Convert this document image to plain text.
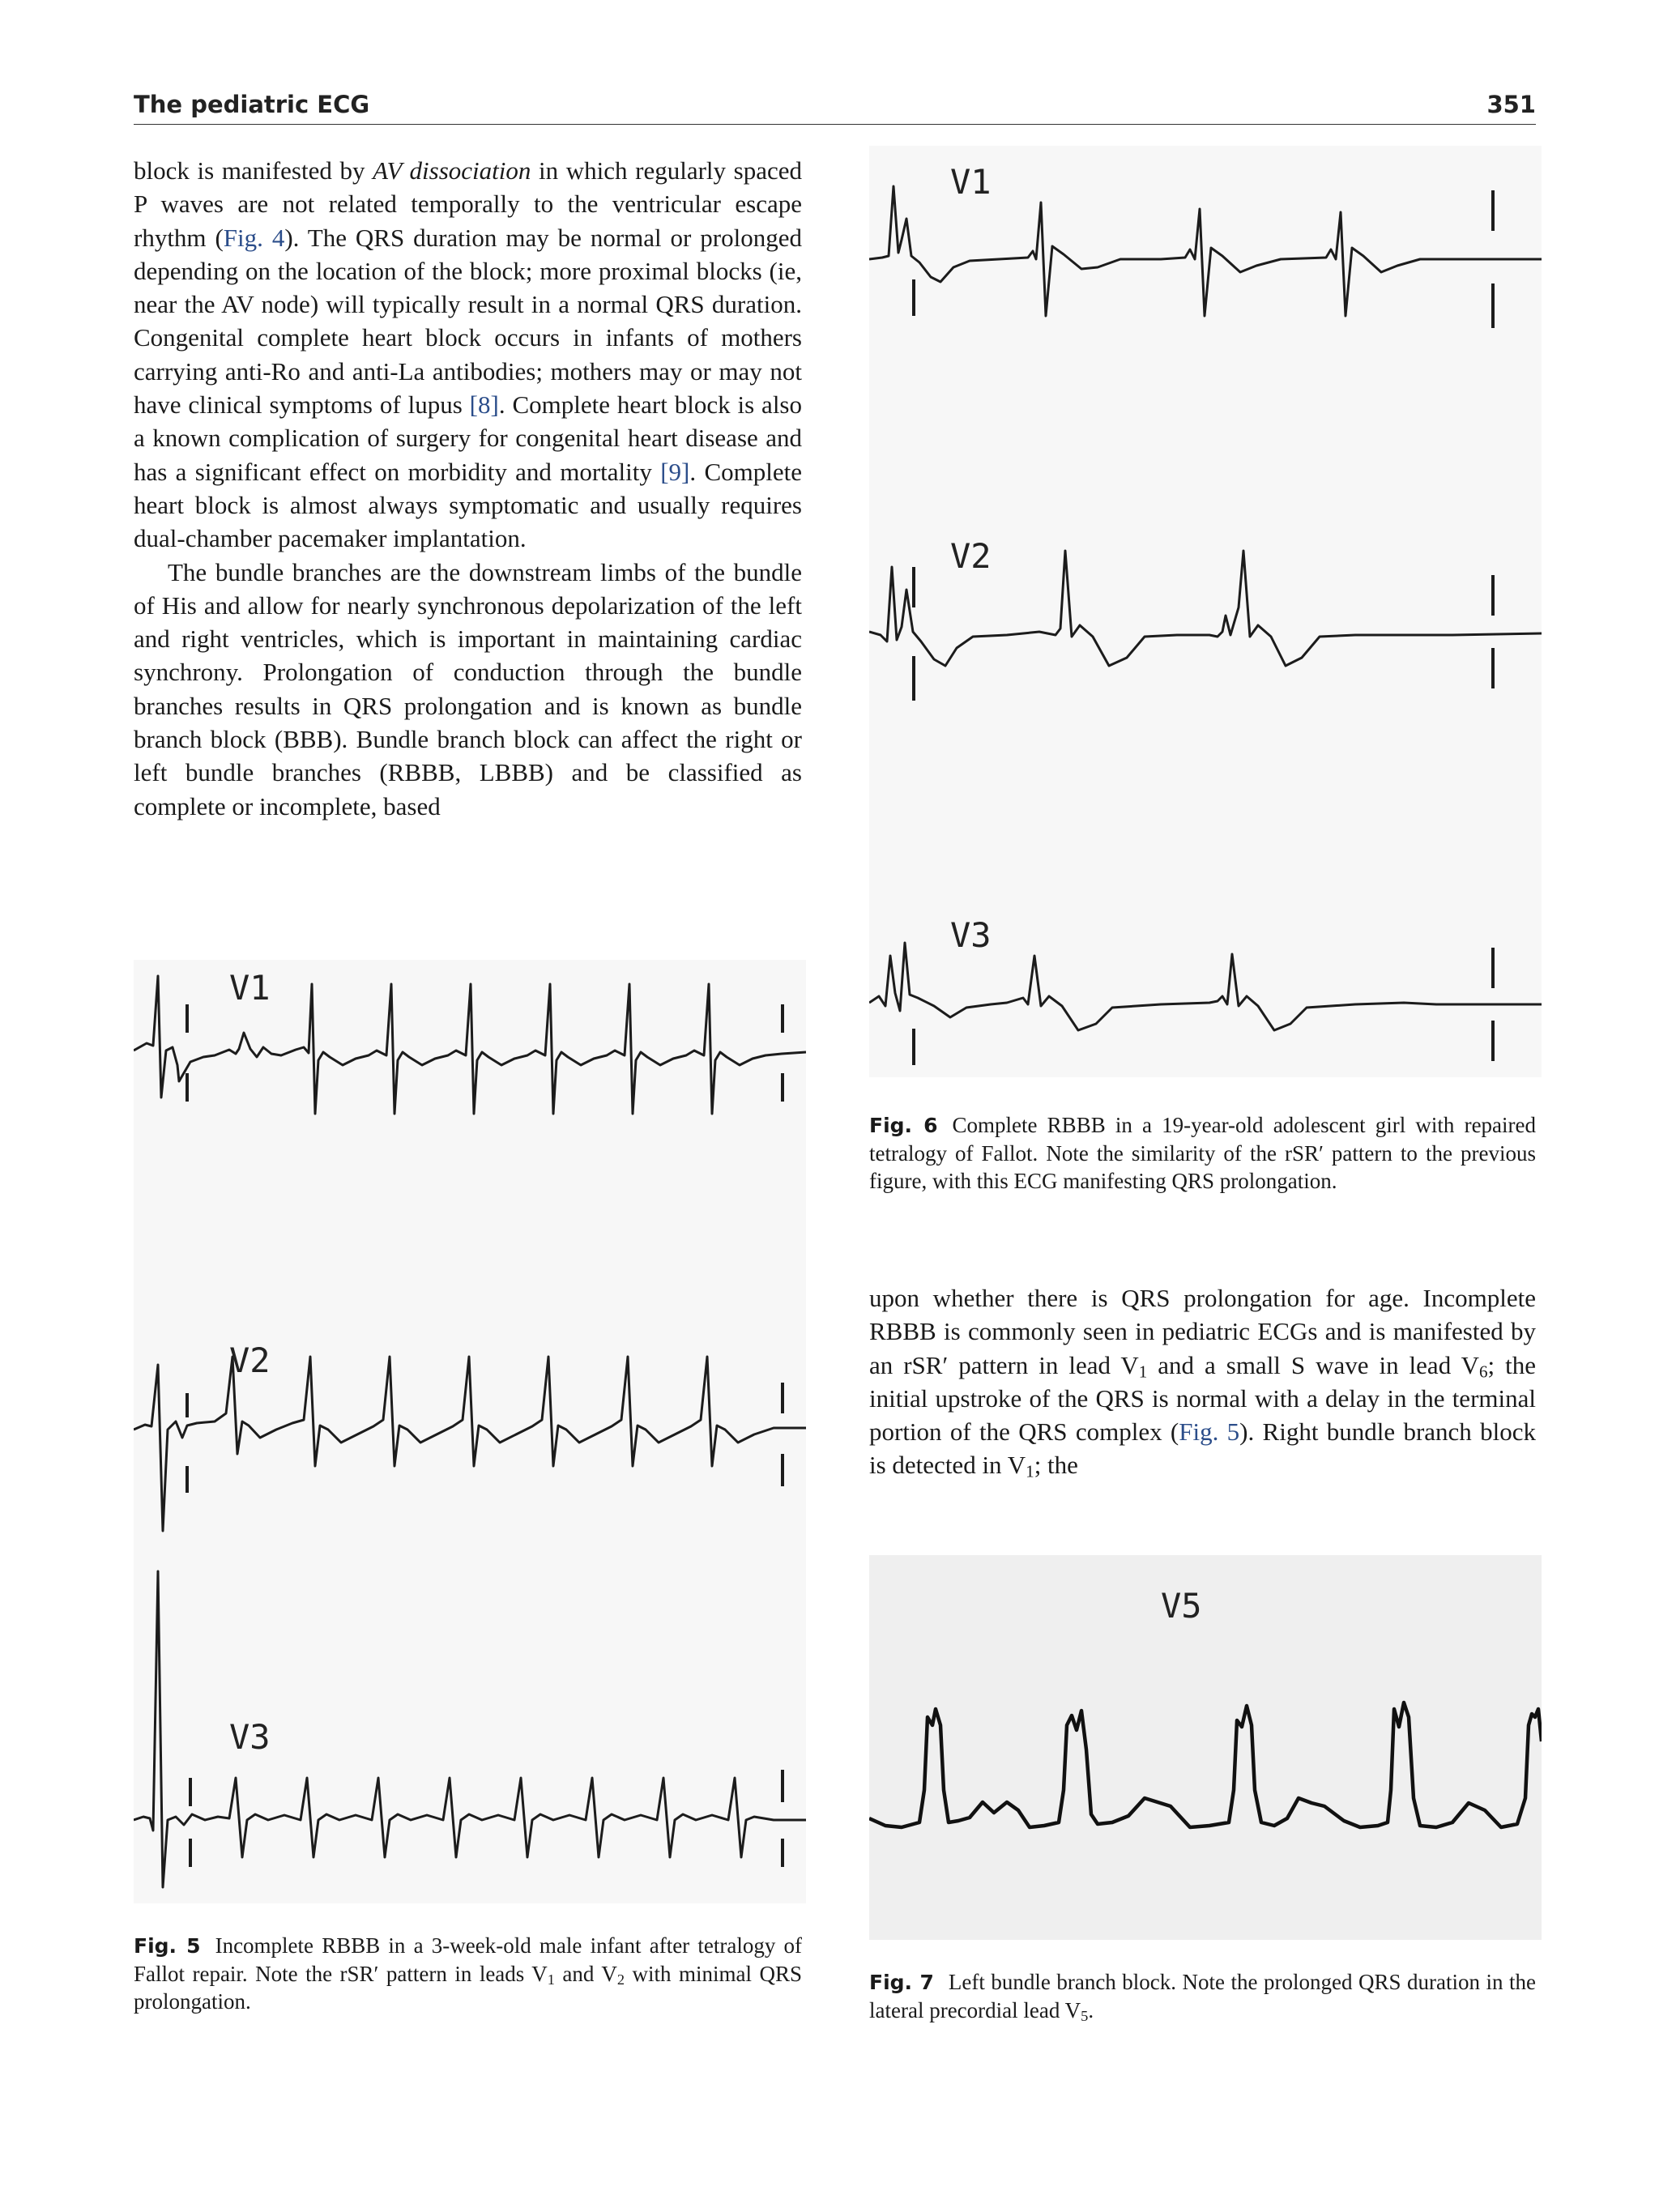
The pediatric ECG	351

block is manifested by AV dissociation in which regularly spaced P waves are not related temporally to the ventricular escape rhythm (Fig. 4). The QRS duration may be normal or prolonged depending on the location of the block; more proximal blocks (ie, near the AV node) will typically result in a normal QRS duration. Congenital complete heart block occurs in infants of mothers carrying anti-Ro and anti-La antibodies; mothers may or may not have clinical symptoms of lupus [8]. Complete heart block is also a known complication of surgery for congenital heart disease and has a significant effect on morbidity and mortality [9]. Complete heart block is almost always symptomatic and usually requires dual-chamber pacemaker implantation.

The bundle branches are the downstream limbs of the bundle of His and allow for nearly synchronous depolarization of the left and right ventricles, which is important in maintaining cardiac synchrony. Prolongation of conduction through the bundle branches results in QRS prolongation and is known as bundle branch block (BBB). Bundle branch block can affect the right or left bundle branches (RBBB, LBBB) and be classified as complete or incomplete, based

upon whether there is QRS prolongation for age. Incomplete RBBB is commonly seen in pediatric ECGs and is manifested by an rSR′ pattern in lead $V_1$ and a small S wave in lead $V_6$; the initial upstroke of the QRS is normal with a delay in the terminal portion of the QRS complex (Fig. 5). Right bundle branch block is detected in $V_1$; the

V1
V2
V3
Fig. 5 Incomplete RBBB in a 3-week-old male infant after tetralogy of Fallot repair. Note the rSR′ pattern in leads $V_1$ and $V_2$ with minimal QRS prolongation.
V1
V2
V3
Fig. 6 Complete RBBB in a 19-year-old adolescent girl with repaired tetralogy of Fallot. Note the similarity of the rSR′ pattern to the previous figure, with this ECG manifesting QRS prolongation.
V5
Fig. 7 Left bundle branch block. Note the prolonged QRS duration in the lateral precordial lead $V_5$.
